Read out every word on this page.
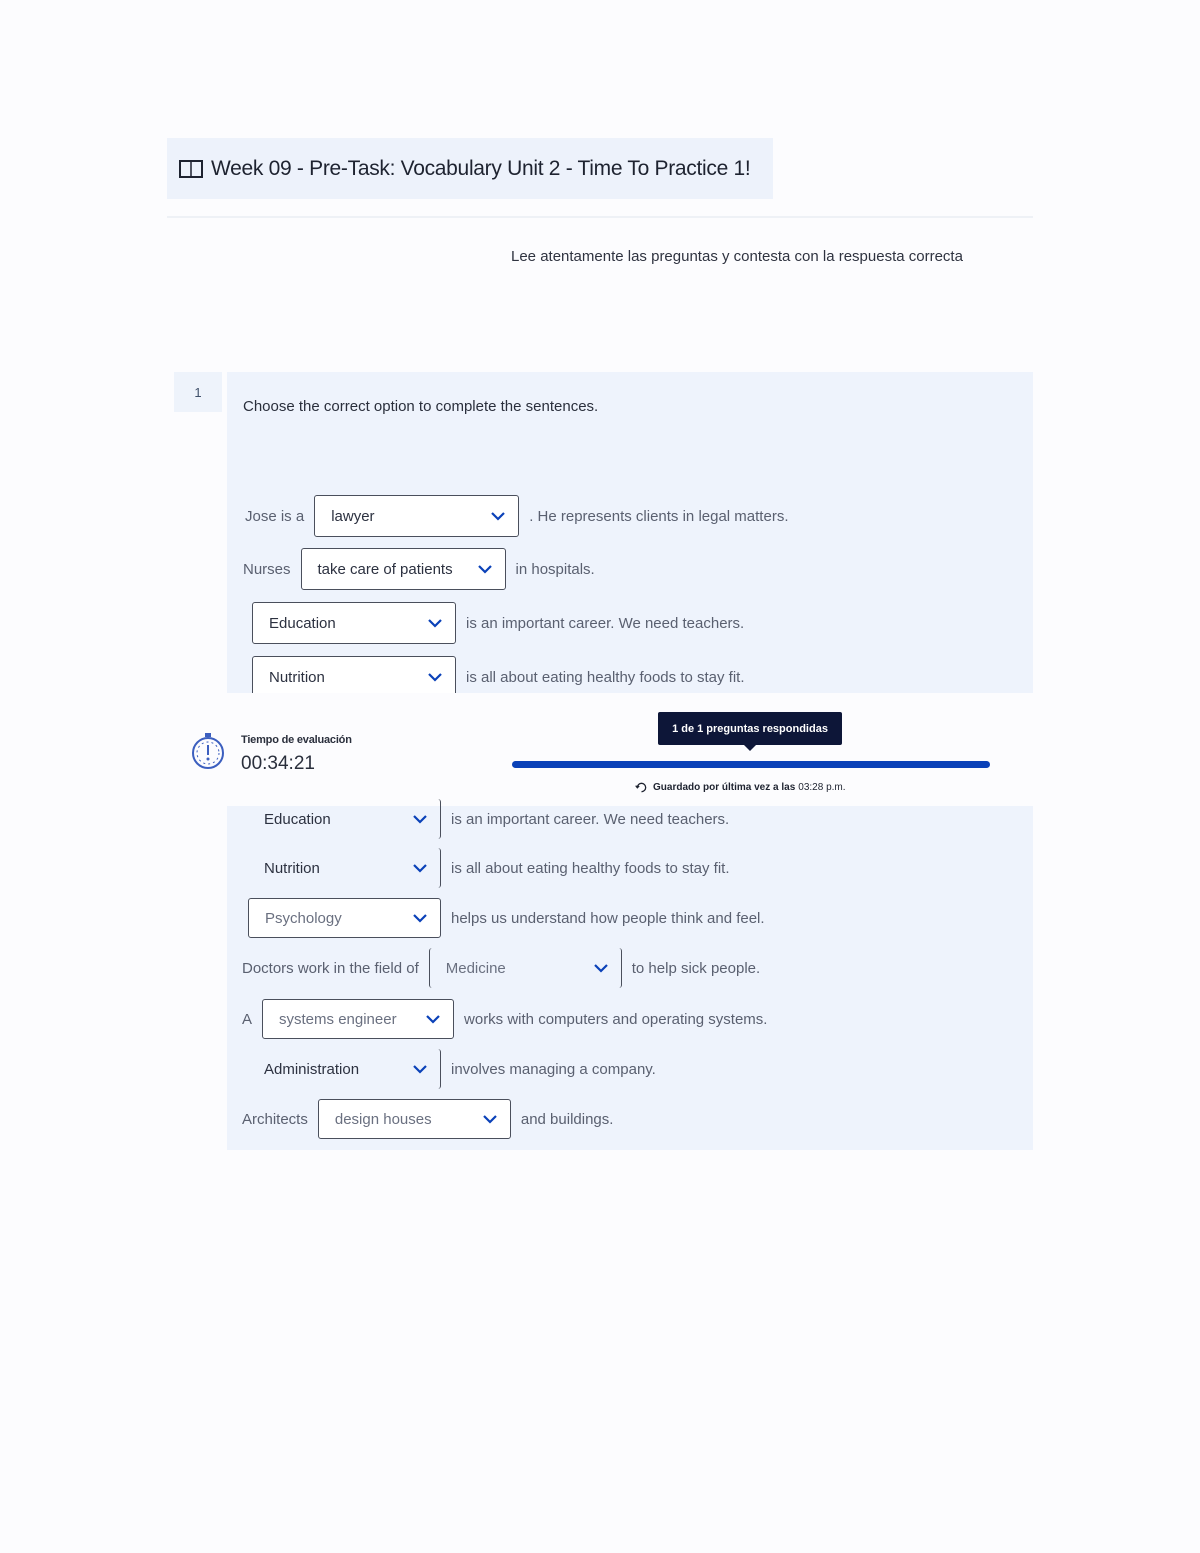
Week 09 - Pre-Task: Vocabulary Unit 2 - Time To Practice 1!
Lee atentamente las preguntas y contesta con la respuesta correcta
1
Choose the correct option to complete the sentences.
Jose is a lawyer	. He represents clients in legal matters.
Nurses take care of patients	in hospitals.
Education	is an important career. We need teachers.
Nutrition	is all about eating healthy foods to stay fit.
Tiempo de evaluación
00:34:21
1 de 1 preguntas respondidas
Guardado por última vez a las 03:28 p.m.
Education	is an important career. We need teachers.
Nutrition	is all about eating healthy foods to stay fit.
Psychology	helps us understand how people think and feel.
Doctors work in the field of Medicine	to help sick people.
A systems engineer	works with computers and operating systems.
Administration	involves managing a company.
Architects design houses	and buildings.
